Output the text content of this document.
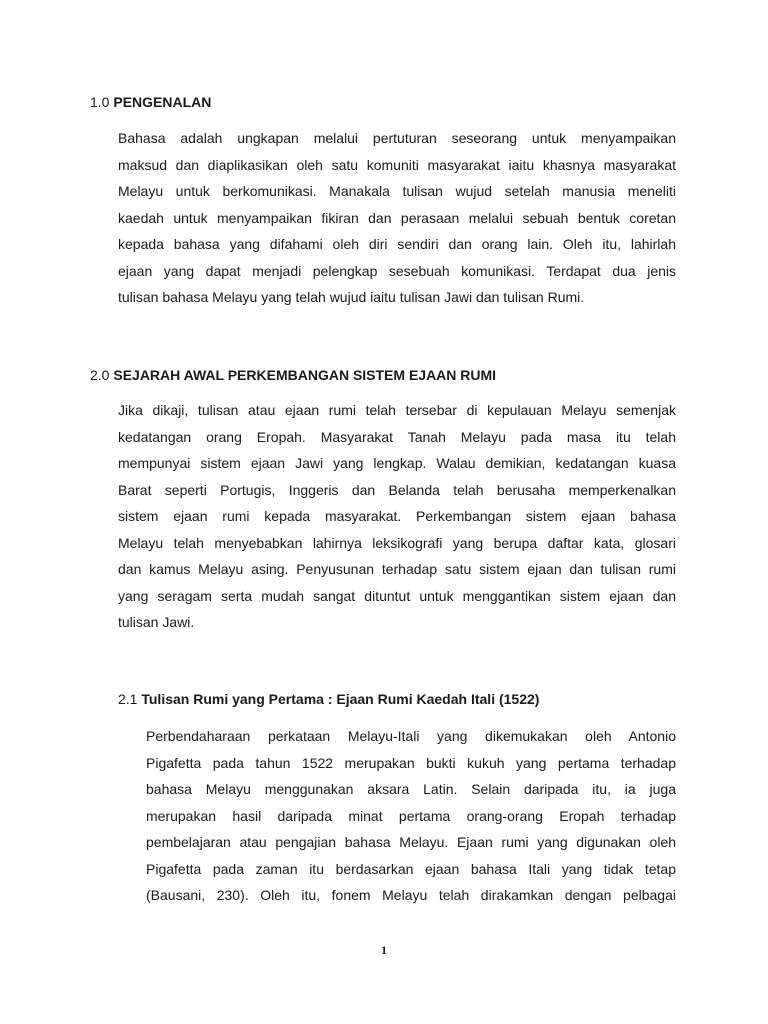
1.0 PENGENALAN
Bahasa adalah ungkapan melalui pertuturan seseorang untuk menyampaikan
maksud dan diaplikasikan oleh satu komuniti masyarakat iaitu khasnya masyarakat
Melayu untuk berkomunikasi. Manakala tulisan wujud setelah manusia meneliti
kaedah untuk menyampaikan fikiran dan perasaan melalui sebuah bentuk coretan
kepada bahasa yang difahami oleh diri sendiri dan orang lain. Oleh itu, lahirlah
ejaan yang dapat menjadi pelengkap sesebuah komunikasi. Terdapat dua jenis
tulisan bahasa Melayu yang telah wujud iaitu tulisan Jawi dan tulisan Rumi.
2.0 SEJARAH AWAL PERKEMBANGAN SISTEM EJAAN RUMI
Jika dikaji, tulisan atau ejaan rumi telah tersebar di kepulauan Melayu semenjak
kedatangan orang Eropah. Masyarakat Tanah Melayu pada masa itu telah
mempunyai sistem ejaan Jawi yang lengkap. Walau demikian, kedatangan kuasa
Barat seperti Portugis, Inggeris dan Belanda telah berusaha memperkenalkan
sistem ejaan rumi kepada masyarakat. Perkembangan sistem ejaan bahasa
Melayu telah menyebabkan lahirnya leksikografi yang berupa daftar kata, glosari
dan kamus Melayu asing. Penyusunan terhadap satu sistem ejaan dan tulisan rumi
yang seragam serta mudah sangat dituntut untuk menggantikan sistem ejaan dan
tulisan Jawi.
2.1 Tulisan Rumi yang Pertama : Ejaan Rumi Kaedah Itali (1522)
Perbendaharaan perkataan Melayu-Itali yang dikemukakan oleh Antonio
Pigafetta pada tahun 1522 merupakan bukti kukuh yang pertama terhadap
bahasa Melayu menggunakan aksara Latin. Selain daripada itu, ia juga
merupakan hasil daripada minat pertama orang-orang Eropah terhadap
pembelajaran atau pengajian bahasa Melayu. Ejaan rumi yang digunakan oleh
Pigafetta pada zaman itu berdasarkan ejaan bahasa Itali yang tidak tetap
(Bausani, 230). Oleh itu, fonem Melayu telah dirakamkan dengan pelbagai
1
